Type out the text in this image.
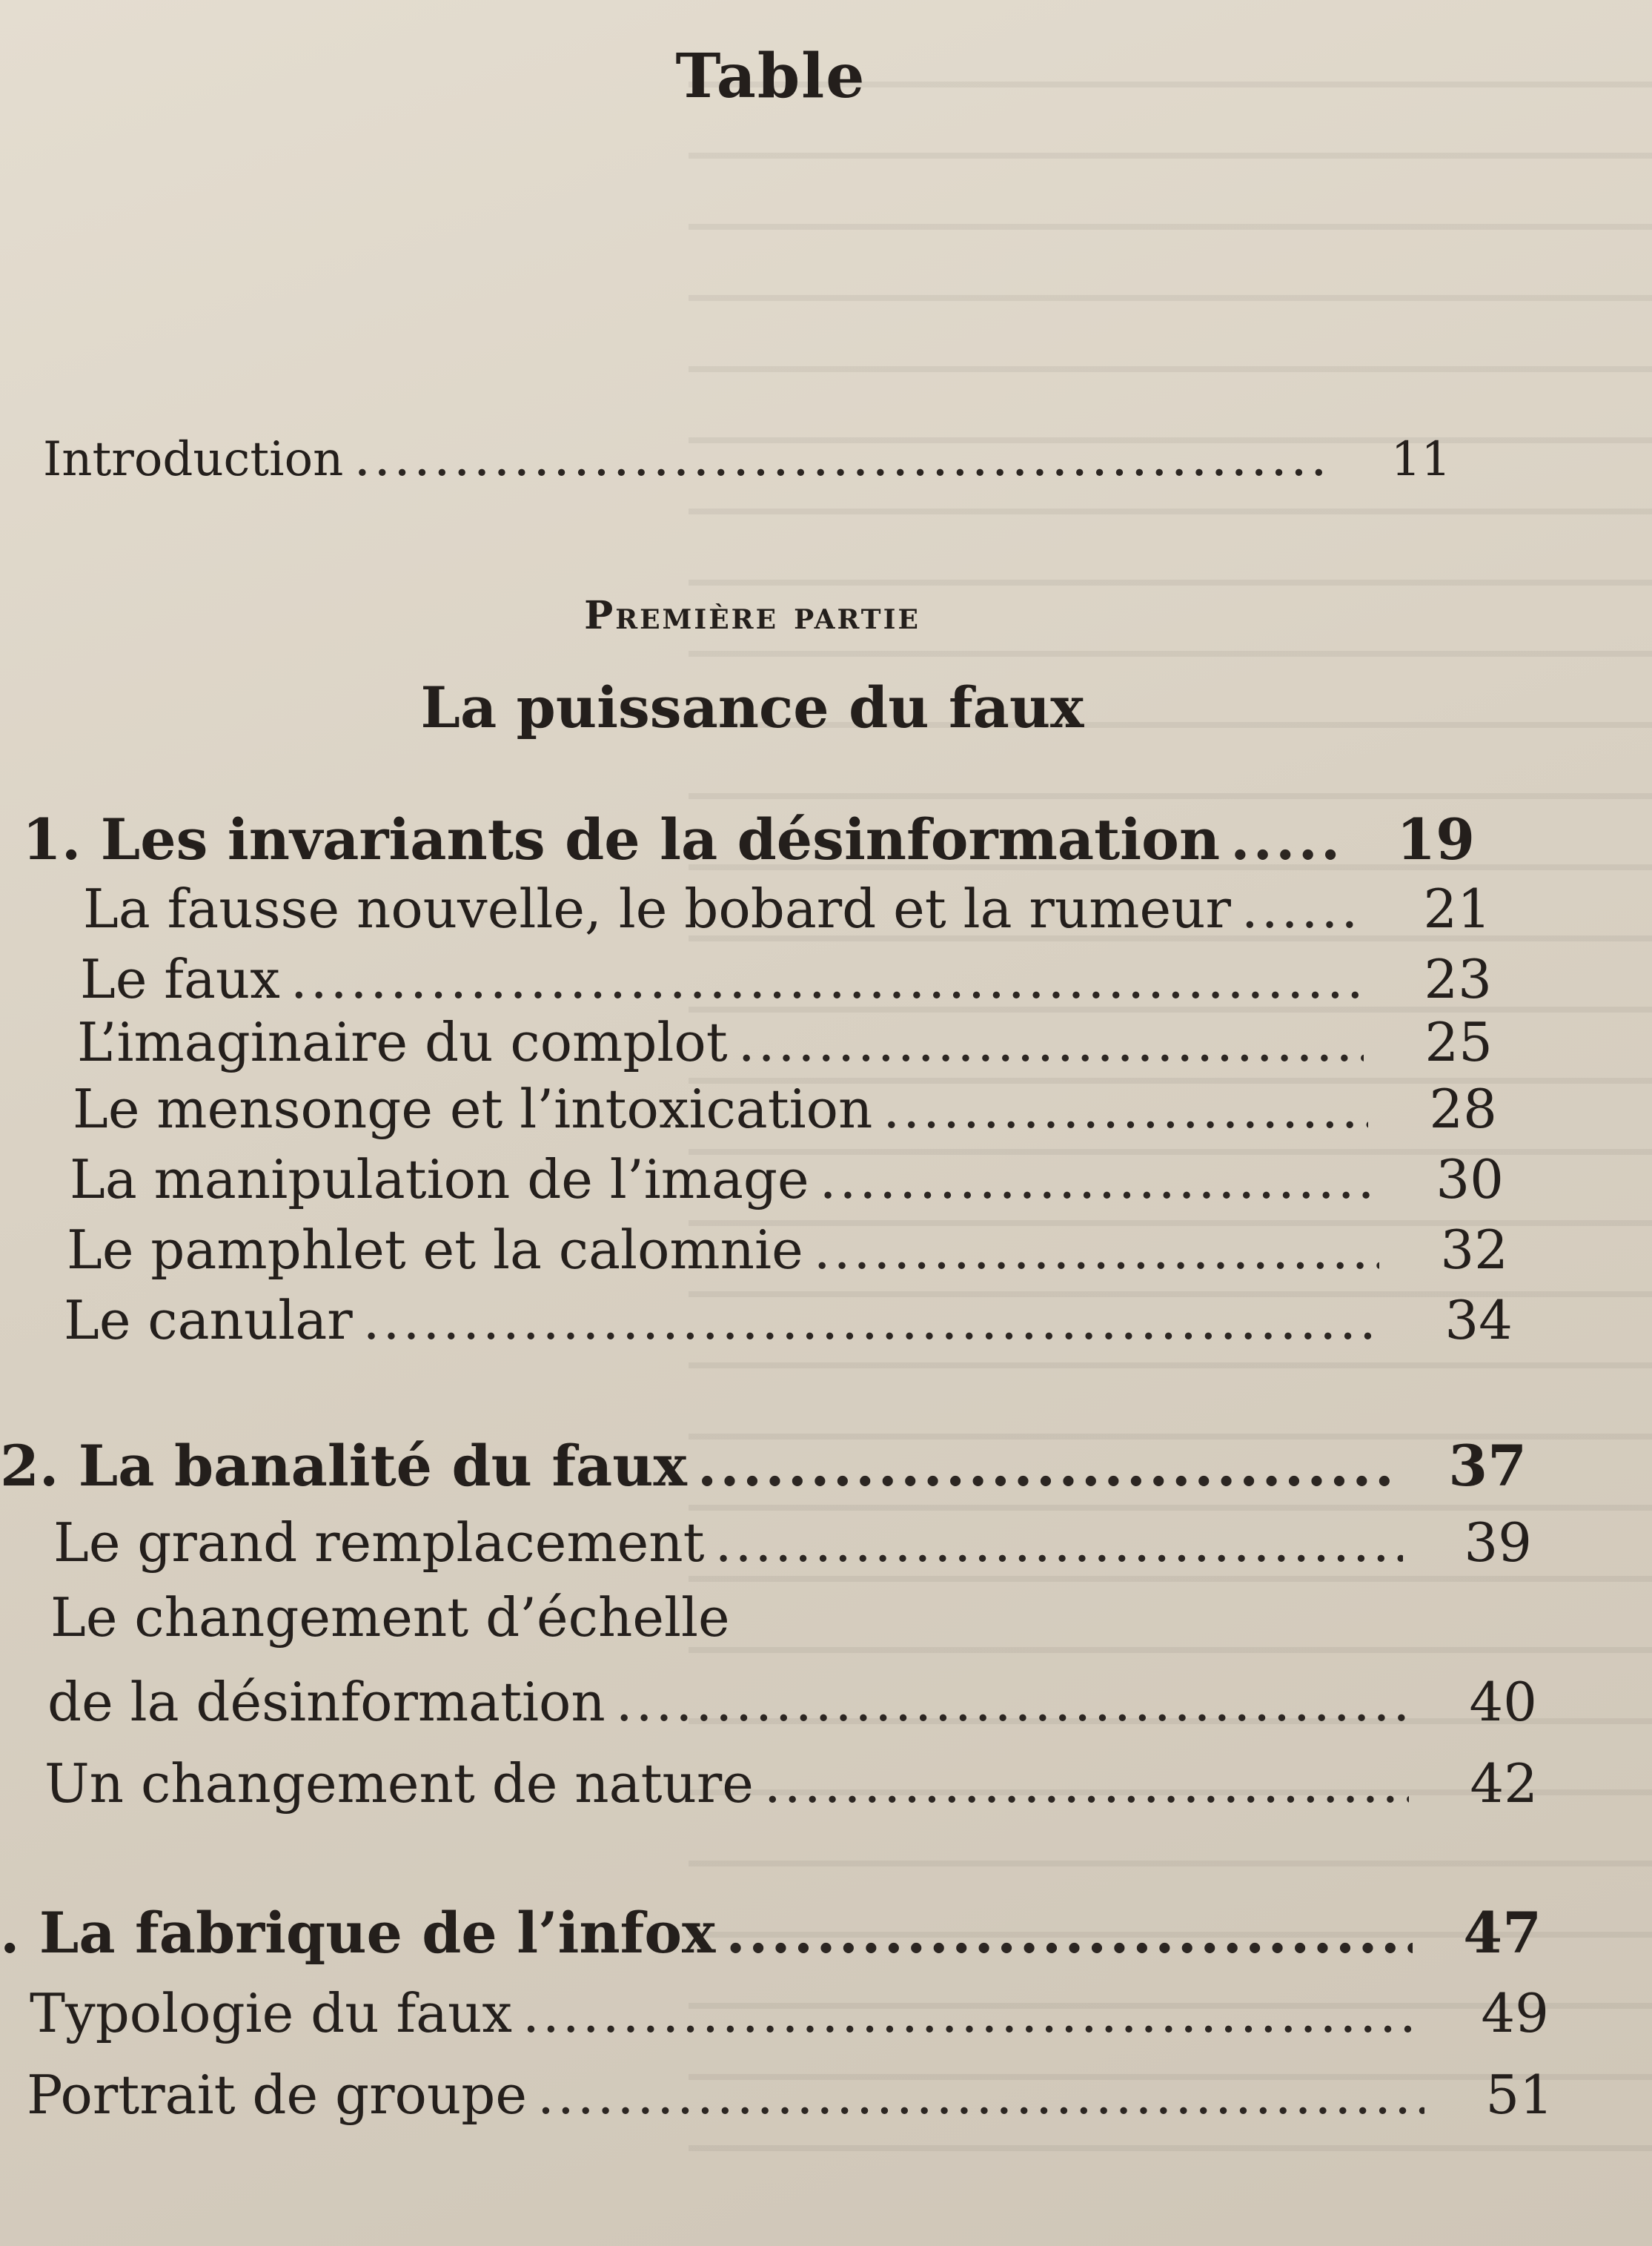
Table
Introduction .....	11
Première partie
La puissance du faux
1. Les invariants de la désinformation .....	19
La fausse nouvelle, le bobard et la rumeur .....	21
Le faux .....	23
L’imaginaire du complot .....	25
Le mensonge et l’intoxication .....	28
La manipulation de l’image .....	30
Le pamphlet et la calomnie .....	32
Le canular .....	34
2. La banalité du faux .....	37
Le grand remplacement .....	39
Le changement d’échelle
de la désinformation .....	40
Un changement de nature .....	42
. La fabrique de l’infox .....	47
Typologie du faux .....	49
Portrait de groupe .....	51
